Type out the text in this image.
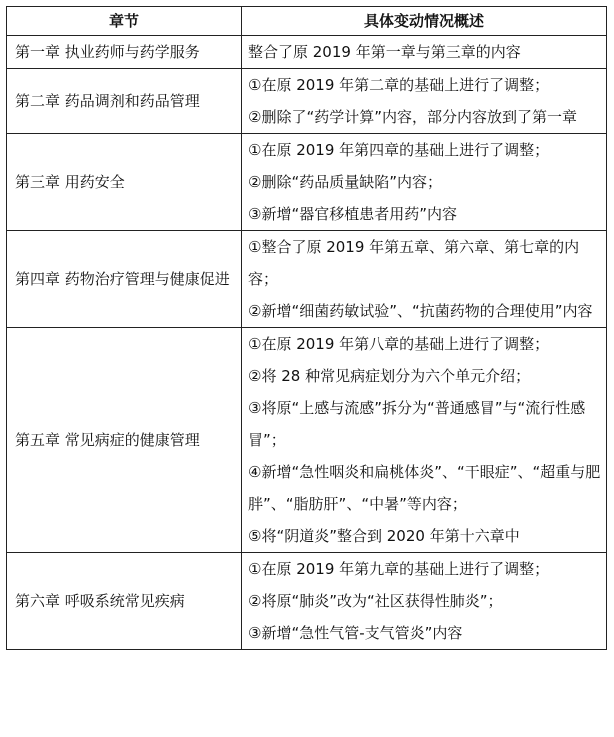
章节	具体变动情况概述
第一章 执业药师与药学服务	整合了原 2019 年第一章与第三章的内容

第二章 药品调剂和药品管理	①在原 2019 年第二章的基础上进行了调整；
②删除了“药学计算”内容，部分内容放到了第一章

第三章 用药安全	①在原 2019 年第四章的基础上进行了调整；
②删除“药品质量缺陷”内容；
③新增“器官移植患者用药”内容

第四章 药物治疗管理与健康促进	①整合了原 2019 年第五章、第六章、第七章的内容；
②新增“细菌药敏试验”、“抗菌药物的合理使用”内容

第五章 常见病症的健康管理	①在原 2019 年第八章的基础上进行了调整；
②将 28 种常见病症划分为六个单元介绍；
③将原“上感与流感”拆分为“普通感冒”与“流行性感冒”；
④新增“急性咽炎和扁桃体炎”、“干眼症”、“超重与肥胖”、“脂肪肝”、“中暑”等内容；
⑤将“阴道炎”整合到 2020 年第十六章中

第六章 呼吸系统常见疾病	①在原 2019 年第九章的基础上进行了调整；
②将原“肺炎”改为“社区获得性肺炎”；
③新增“急性气管-支气管炎”内容
